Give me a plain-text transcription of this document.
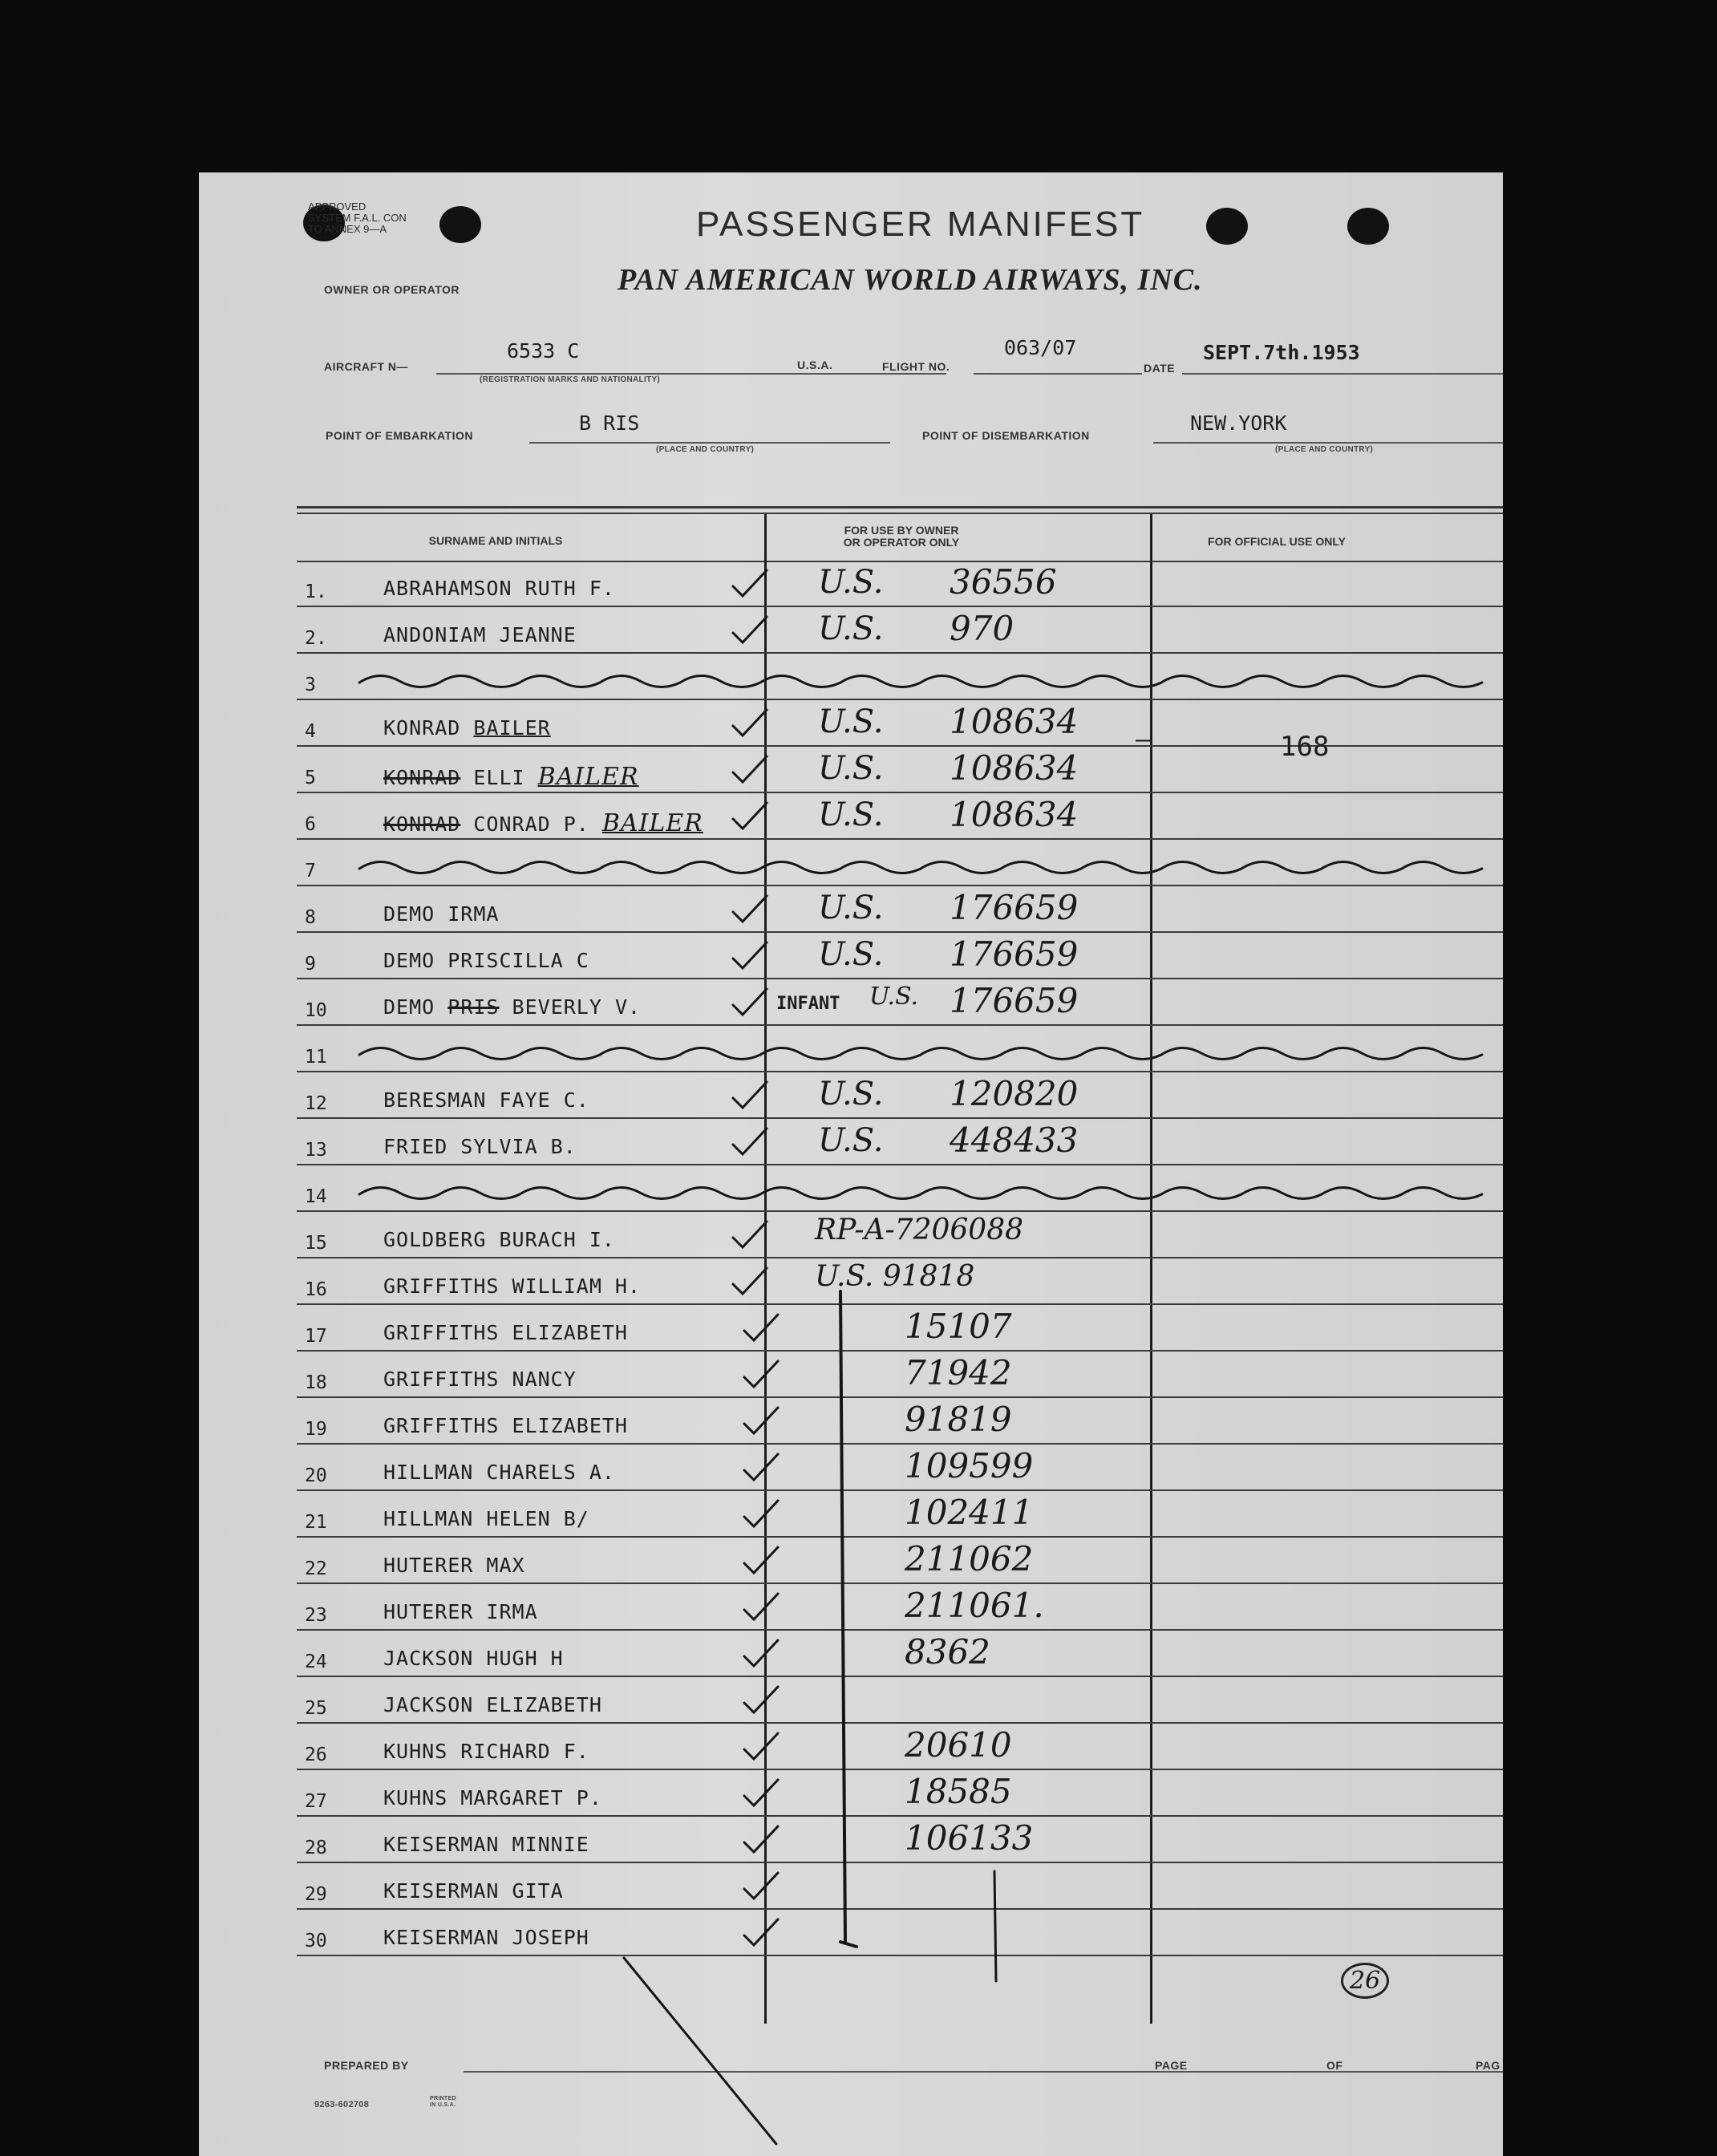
APPROVED
SYSTEM F.A.L. CON
TO ANNEX 9—A	PASSENGER MANIFEST
PAN AMERICAN WORLD AIRWAYS, INC.
OWNER OR OPERATOR
AIRCRAFT N—
6533 C
(REGISTRATION MARKS AND NATIONALITY)
U.S.A.	FLIGHT NO.
063/07
DATE
SEPT.7th.1953
POINT OF EMBARKATION
B RIS
(PLACE AND COUNTRY)
POINT OF DISEMBARKATION
NEW.YORK
(PLACE AND COUNTRY)
SURNAME AND INITIALS
FOR USE BY OWNER
OR OPERATOR ONLY	FOR OFFICIAL USE ONLY
1.	ABRAHAMSON RUTH F.	U.S. 36556
2.	ANDONIAM JEANNE	U.S. 970
3
4	KONRAD BAILER	U.S. 108634
5	KONRAD ELLI BAILER	U.S. 108634
6	KONRAD CONRAD P. BAILER	U.S. 108634
7
8	DEMO IRMA	U.S. 176659
9	DEMO PRISCILLA C	U.S. 176659
10	DEMO PRIS BEVERLY V.	INFANT U.S. 176659
11
12	BERESMAN FAYE C.	U.S. 120820
13	FRIED SYLVIA B.	U.S. 448433
14
15	GOLDBERG BURACH I.	RP-A-7206088
16	GRIFFITHS WILLIAM H.	U.S. 91818
17	GRIFFITHS ELIZABETH	15107
18	GRIFFITHS NANCY	71942
19	GRIFFITHS ELIZABETH	91819
20	HILLMAN CHARELS A.	109599
21	HILLMAN HELEN B/	102411
22	HUTERER MAX	211062
23	HUTERER IRMA	211061.
24	JACKSON HUGH H	8362
25	JACKSON ELIZABETH
26	KUHNS RICHARD F.	20610
27	KUHNS MARGARET P.	18585
28	KEISERMAN MINNIE	106133
29	KEISERMAN GITA
30	KEISERMAN JOSEPH
—	168
PREPARED BY	PAGE	OF	PAG
9263-602708
PRINTED IN U.S.A.
26
